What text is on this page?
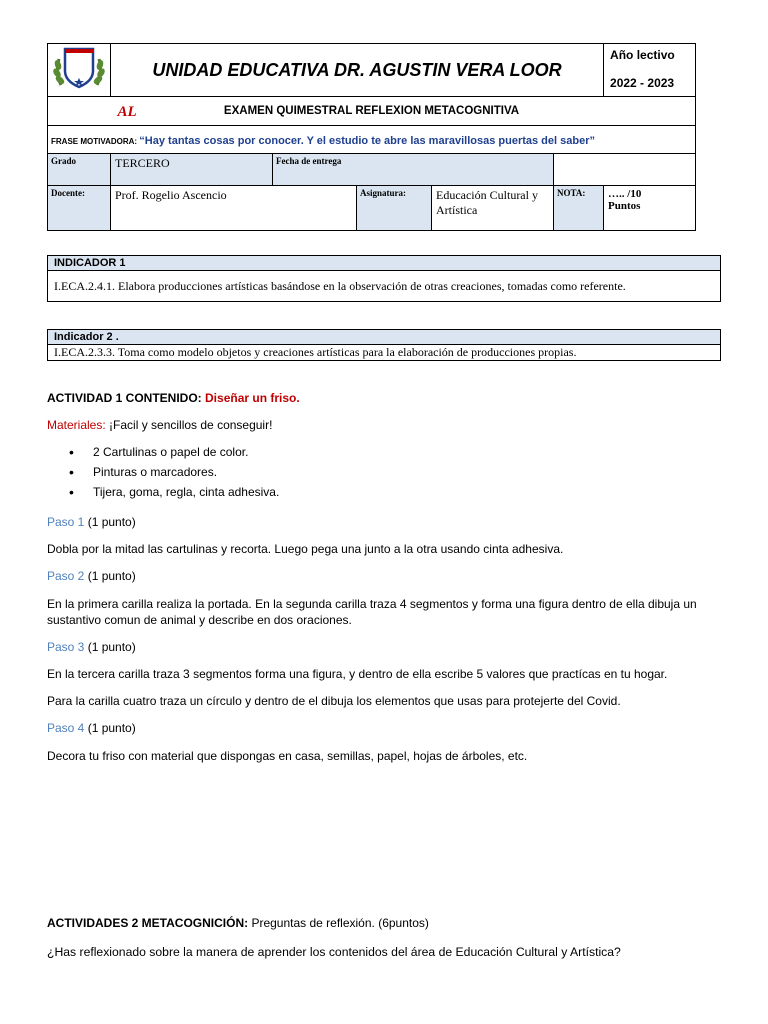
AL	UNIDAD EDUCATIVA DR. AGUSTIN VERA LOOR					Año lectivo
2022 - 2023

EXAMEN QUIMESTRAL REFLEXION METACOGNITIVA						
FRASE MOTIVADORA: “Hay tantas cosas por conocer. Y el estudio te abre las maravillosas puertas del saber”						
Grado	TERCERO	Fecha de entrega				
Docente:	Prof. Rogelio Ascencio		Asignatura:	Educación Cultural y Artística	NOTA:	….. /10
Puntos
INDICADOR 1
I.ECA.2.4.1. Elabora producciones artísticas basándose en la observación de otras creaciones, tomadas como referente.
Indicador 2 .
I.ECA.2.3.3. Toma como modelo objetos y creaciones artísticas para la elaboración de producciones propias.
ACTIVIDAD 1 CONTENIDO: Diseñar un friso.
Materiales: ¡Facil y sencillos de conseguir!
• 2 Cartulinas o papel de color.
• Pinturas o marcadores.
• Tijera, goma, regla, cinta adhesiva.
Paso 1 (1 punto)
Dobla por la mitad las cartulinas y recorta. Luego pega una junto a la otra usando cinta adhesiva.
Paso 2 (1 punto)
En la primera carilla realiza la portada. En la segunda carilla traza 4 segmentos y forma una figura dentro de ella dibuja un sustantivo comun de animal y describe en dos oraciones.
Paso 3 (1 punto)
En la tercera carilla traza 3 segmentos forma una figura, y dentro de ella escribe 5 valores que practícas en tu hogar.
Para la carilla cuatro traza un círculo y dentro de el dibuja los elementos que usas para protejerte del Covid.
Paso 4 (1 punto)
Decora tu friso con material que dispongas en casa, semillas, papel, hojas de árboles, etc.
ACTIVIDADES 2 METACOGNICIÓN: Preguntas de reflexión. (6puntos)
¿Has reflexionado sobre la manera de aprender los contenidos del área de Educación Cultural y Artística?
